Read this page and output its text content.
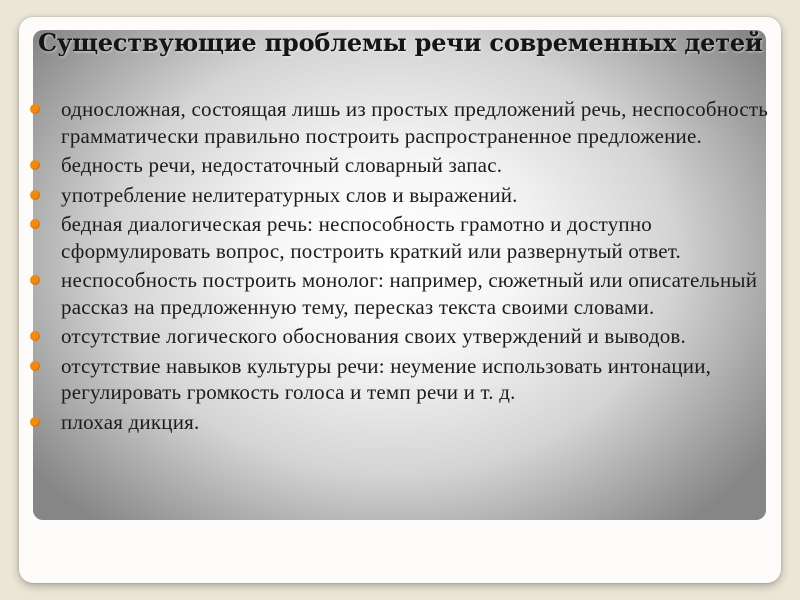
Существующие проблемы речи современных детей
односложная, состоящая лишь из простых предложений речь, неспособность грамматически правильно построить распространенное предложение.
бедность речи, недостаточный словарный запас.
употребление нелитературных слов и выражений.
бедная диалогическая речь: неспособность грамотно и доступно сформулировать вопрос, построить краткий или развернутый ответ.
неспособность построить монолог: например, сюжетный или описательный рассказ на предложенную тему, пересказ текста своими словами.
отсутствие логического обоснования своих утверждений и выводов.
отсутствие навыков культуры речи: неумение использовать интонации, регулировать громкость голоса и темп речи и т. д.
плохая дикция.
